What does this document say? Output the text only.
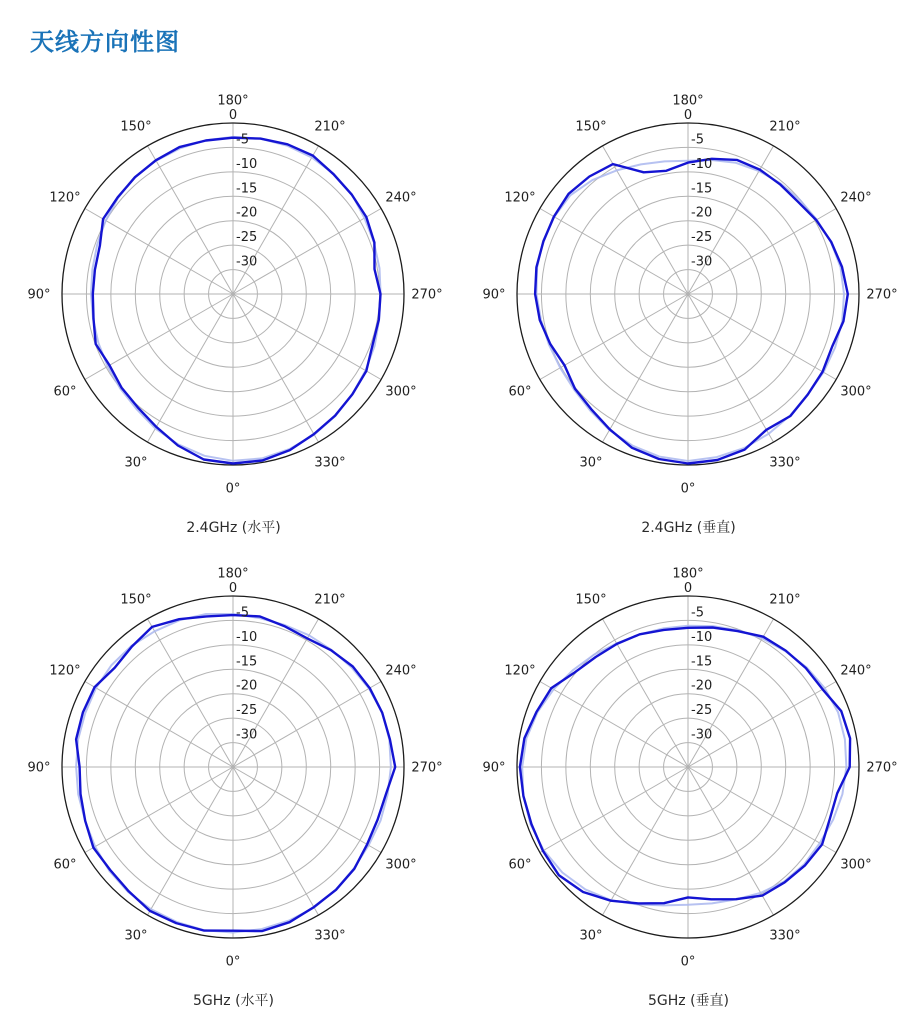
天线方向性图
0°
30°
60°
90°
120°
150°
180°
210°
240°
270°
300°
330°
0
-5
-10
-15
-20
-25
-30
2.4GHz (水平)
0°
30°
60°
90°
120°
150°
180°
210°
240°
270°
300°
330°
0
-5
-10
-15
-20
-25
-30
2.4GHz (垂直)
0°
30°
60°
90°
120°
150°
180°
210°
240°
270°
300°
330°
0
-5
-10
-15
-20
-25
-30
5GHz (水平)
0°
30°
60°
90°
120°
150°
180°
210°
240°
270°
300°
330°
0
-5
-10
-15
-20
-25
-30
5GHz (垂直)
